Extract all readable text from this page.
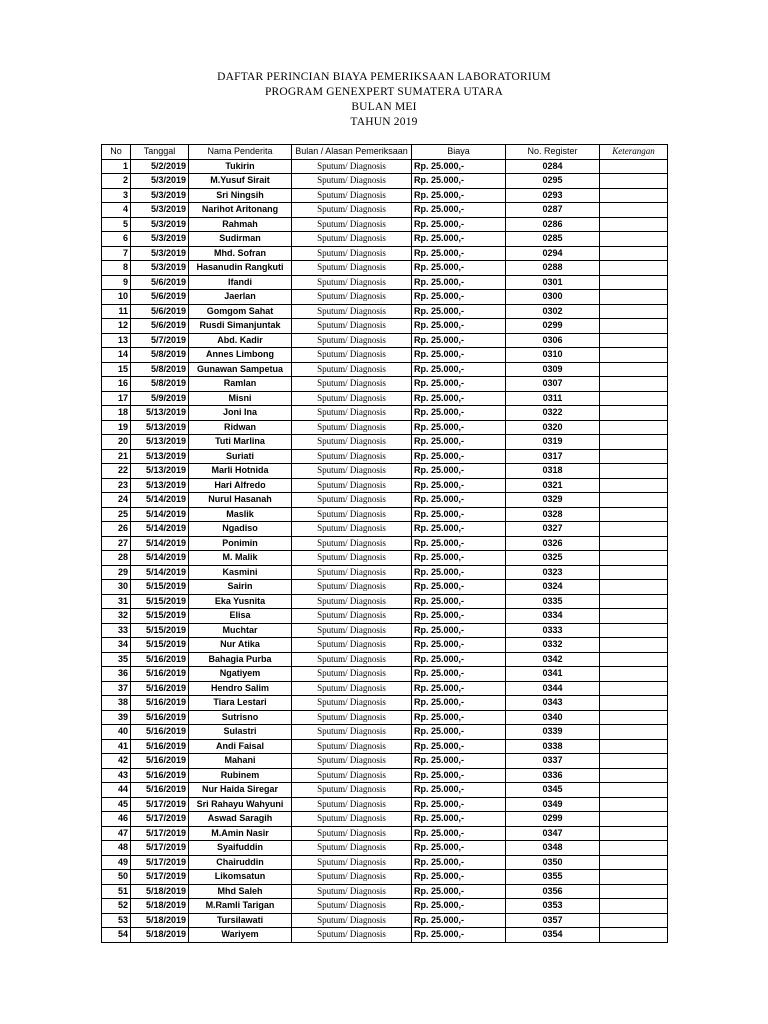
DAFTAR PERINCIAN BIAYA PEMERIKSAAN LABORATORIUM
PROGRAM GENEXPERT SUMATERA UTARA
BULAN MEI
TAHUN 2019
No	Tanggal	Nama Penderita	Bulan / Alasan Pemeriksaan	Biaya	No. Register	Keterangan
1	5/2/2019	Tukirin	Sputum/ Diagnosis	Rp. 25.000,-	0284	
2	5/3/2019	M.Yusuf Sirait	Sputum/ Diagnosis	Rp. 25.000,-	0295	
3	5/3/2019	Sri Ningsih	Sputum/ Diagnosis	Rp. 25.000,-	0293	
4	5/3/2019	Narihot Aritonang	Sputum/ Diagnosis	Rp. 25.000,-	0287	
5	5/3/2019	Rahmah	Sputum/ Diagnosis	Rp. 25.000,-	0286	
6	5/3/2019	Sudirman	Sputum/ Diagnosis	Rp. 25.000,-	0285	
7	5/3/2019	Mhd. Sofran	Sputum/ Diagnosis	Rp. 25.000,-	0294	
8	5/3/2019	Hasanudin Rangkuti	Sputum/ Diagnosis	Rp. 25.000,-	0288	
9	5/6/2019	Ifandi	Sputum/ Diagnosis	Rp. 25.000,-	0301	
10	5/6/2019	Jaerlan	Sputum/ Diagnosis	Rp. 25.000,-	0300	
11	5/6/2019	Gomgom Sahat	Sputum/ Diagnosis	Rp. 25.000,-	0302	
12	5/6/2019	Rusdi Simanjuntak	Sputum/ Diagnosis	Rp. 25.000,-	0299	
13	5/7/2019	Abd. Kadir	Sputum/ Diagnosis	Rp. 25.000,-	0306	
14	5/8/2019	Annes Limbong	Sputum/ Diagnosis	Rp. 25.000,-	0310	
15	5/8/2019	Gunawan Sampetua	Sputum/ Diagnosis	Rp. 25.000,-	0309	
16	5/8/2019	Ramlan	Sputum/ Diagnosis	Rp. 25.000,-	0307	
17	5/9/2019	Misni	Sputum/ Diagnosis	Rp. 25.000,-	0311	
18	5/13/2019	Joni Ina	Sputum/ Diagnosis	Rp. 25.000,-	0322	
19	5/13/2019	Ridwan	Sputum/ Diagnosis	Rp. 25.000,-	0320	
20	5/13/2019	Tuti Marlina	Sputum/ Diagnosis	Rp. 25.000,-	0319	
21	5/13/2019	Suriati	Sputum/ Diagnosis	Rp. 25.000,-	0317	
22	5/13/2019	Marli Hotnida	Sputum/ Diagnosis	Rp. 25.000,-	0318	
23	5/13/2019	Hari Alfredo	Sputum/ Diagnosis	Rp. 25.000,-	0321	
24	5/14/2019	Nurul Hasanah	Sputum/ Diagnosis	Rp. 25.000,-	0329	
25	5/14/2019	Maslik	Sputum/ Diagnosis	Rp. 25.000,-	0328	
26	5/14/2019	Ngadiso	Sputum/ Diagnosis	Rp. 25.000,-	0327	
27	5/14/2019	Ponimin	Sputum/ Diagnosis	Rp. 25.000,-	0326	
28	5/14/2019	M. Malik	Sputum/ Diagnosis	Rp. 25.000,-	0325	
29	5/14/2019	Kasmini	Sputum/ Diagnosis	Rp. 25.000,-	0323	
30	5/15/2019	Sairin	Sputum/ Diagnosis	Rp. 25.000,-	0324	
31	5/15/2019	Eka Yusnita	Sputum/ Diagnosis	Rp. 25.000,-	0335	
32	5/15/2019	Elisa	Sputum/ Diagnosis	Rp. 25.000,-	0334	
33	5/15/2019	Muchtar	Sputum/ Diagnosis	Rp. 25.000,-	0333	
34	5/15/2019	Nur Atika	Sputum/ Diagnosis	Rp. 25.000,-	0332	
35	5/16/2019	Bahagia Purba	Sputum/ Diagnosis	Rp. 25.000,-	0342	
36	5/16/2019	Ngatiyem	Sputum/ Diagnosis	Rp. 25.000,-	0341	
37	5/16/2019	Hendro Salim	Sputum/ Diagnosis	Rp. 25.000,-	0344	
38	5/16/2019	Tiara Lestari	Sputum/ Diagnosis	Rp. 25.000,-	0343	
39	5/16/2019	Sutrisno	Sputum/ Diagnosis	Rp. 25.000,-	0340	
40	5/16/2019	Sulastri	Sputum/ Diagnosis	Rp. 25.000,-	0339	
41	5/16/2019	Andi Faisal	Sputum/ Diagnosis	Rp. 25.000,-	0338	
42	5/16/2019	Mahani	Sputum/ Diagnosis	Rp. 25.000,-	0337	
43	5/16/2019	Rubinem	Sputum/ Diagnosis	Rp. 25.000,-	0336	
44	5/16/2019	Nur Haida Siregar	Sputum/ Diagnosis	Rp. 25.000,-	0345	
45	5/17/2019	Sri Rahayu Wahyuni	Sputum/ Diagnosis	Rp. 25.000,-	0349	
46	5/17/2019	Aswad Saragih	Sputum/ Diagnosis	Rp. 25.000,-	0299	
47	5/17/2019	M.Amin Nasir	Sputum/ Diagnosis	Rp. 25.000,-	0347	
48	5/17/2019	Syaifuddin	Sputum/ Diagnosis	Rp. 25.000,-	0348	
49	5/17/2019	Chairuddin	Sputum/ Diagnosis	Rp. 25.000,-	0350	
50	5/17/2019	Likomsatun	Sputum/ Diagnosis	Rp. 25.000,-	0355	
51	5/18/2019	Mhd Saleh	Sputum/ Diagnosis	Rp. 25.000,-	0356	
52	5/18/2019	M.Ramli Tarigan	Sputum/ Diagnosis	Rp. 25.000,-	0353	
53	5/18/2019	Tursilawati	Sputum/ Diagnosis	Rp. 25.000,-	0357	
54	5/18/2019	Wariyem	Sputum/ Diagnosis	Rp. 25.000,-	0354	
